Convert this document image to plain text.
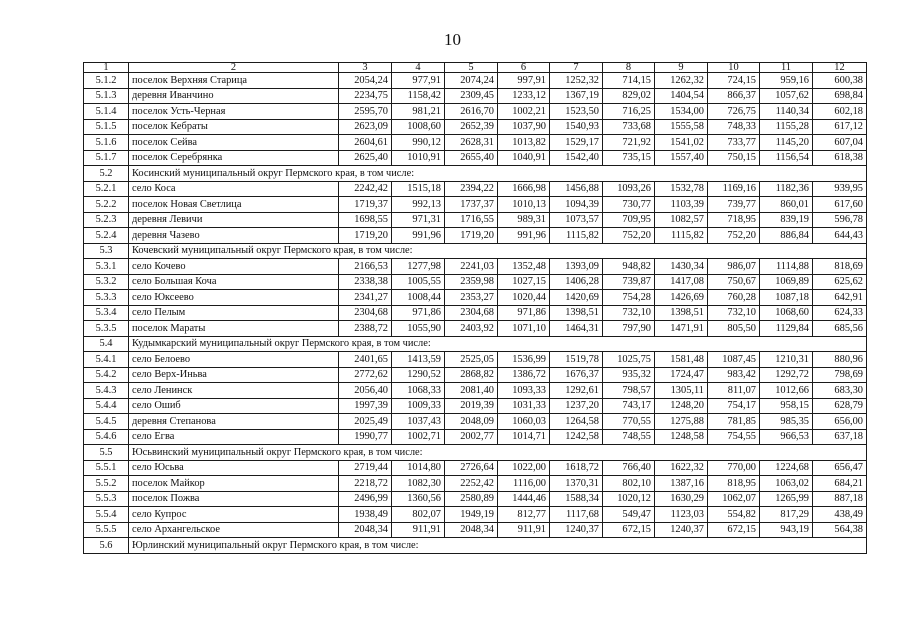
10
1	2	3	4	5	6	7	8	9	10	11	12
5.1.2	поселок Верхняя Старица	2054,24	977,91	2074,24	997,91	1252,32	714,15	1262,32	724,15	959,16	600,38
5.1.3	деревня Иванчино	2234,75	1158,42	2309,45	1233,12	1367,19	829,02	1404,54	866,37	1057,62	698,84
5.1.4	поселок Усть-Черная	2595,70	981,21	2616,70	1002,21	1523,50	716,25	1534,00	726,75	1140,34	602,18
5.1.5	поселок Кебраты	2623,09	1008,60	2652,39	1037,90	1540,93	733,68	1555,58	748,33	1155,28	617,12
5.1.6	поселок Сейва	2604,61	990,12	2628,31	1013,82	1529,17	721,92	1541,02	733,77	1145,20	607,04
5.1.7	поселок Серебрянка	2625,40	1010,91	2655,40	1040,91	1542,40	735,15	1557,40	750,15	1156,54	618,38
5.2	Косинский муниципальный округ Пермского края, в том числе:										
5.2.1	село Коса	2242,42	1515,18	2394,22	1666,98	1456,88	1093,26	1532,78	1169,16	1182,36	939,95
5.2.2	поселок Новая Светлица	1719,37	992,13	1737,37	1010,13	1094,39	730,77	1103,39	739,77	860,01	617,60
5.2.3	деревня Левичи	1698,55	971,31	1716,55	989,31	1073,57	709,95	1082,57	718,95	839,19	596,78
5.2.4	деревня Чазево	1719,20	991,96	1719,20	991,96	1115,82	752,20	1115,82	752,20	886,84	644,43
5.3	Кочевский муниципальный округ Пермского края, в том числе:										
5.3.1	село Кочево	2166,53	1277,98	2241,03	1352,48	1393,09	948,82	1430,34	986,07	1114,88	818,69
5.3.2	село Большая Коча	2338,38	1005,55	2359,98	1027,15	1406,28	739,87	1417,08	750,67	1069,89	625,62
5.3.3	село Юксеево	2341,27	1008,44	2353,27	1020,44	1420,69	754,28	1426,69	760,28	1087,18	642,91
5.3.4	село Пелым	2304,68	971,86	2304,68	971,86	1398,51	732,10	1398,51	732,10	1068,60	624,33
5.3.5	поселок Мараты	2388,72	1055,90	2403,92	1071,10	1464,31	797,90	1471,91	805,50	1129,84	685,56
5.4	Кудымкарский муниципальный округ Пермского края, в том числе:										
5.4.1	село Белоево	2401,65	1413,59	2525,05	1536,99	1519,78	1025,75	1581,48	1087,45	1210,31	880,96
5.4.2	село Верх-Иньва	2772,62	1290,52	2868,82	1386,72	1676,37	935,32	1724,47	983,42	1292,72	798,69
5.4.3	село Ленинск	2056,40	1068,33	2081,40	1093,33	1292,61	798,57	1305,11	811,07	1012,66	683,30
5.4.4	село Ошиб	1997,39	1009,33	2019,39	1031,33	1237,20	743,17	1248,20	754,17	958,15	628,79
5.4.5	деревня Степанова	2025,49	1037,43	2048,09	1060,03	1264,58	770,55	1275,88	781,85	985,35	656,00
5.4.6	село Егва	1990,77	1002,71	2002,77	1014,71	1242,58	748,55	1248,58	754,55	966,53	637,18
5.5	Юсьвинский муниципальный округ Пермского края, в том числе:										
5.5.1	село Юсьва	2719,44	1014,80	2726,64	1022,00	1618,72	766,40	1622,32	770,00	1224,68	656,47
5.5.2	поселок Майкор	2218,72	1082,30	2252,42	1116,00	1370,31	802,10	1387,16	818,95	1063,02	684,21
5.5.3	поселок Пожва	2496,99	1360,56	2580,89	1444,46	1588,34	1020,12	1630,29	1062,07	1265,99	887,18
5.5.4	село Купрос	1938,49	802,07	1949,19	812,77	1117,68	549,47	1123,03	554,82	817,29	438,49
5.5.5	село Архангельское	2048,34	911,91	2048,34	911,91	1240,37	672,15	1240,37	672,15	943,19	564,38
5.6	Юрлинский муниципальный округ Пермского края, в том числе:										
